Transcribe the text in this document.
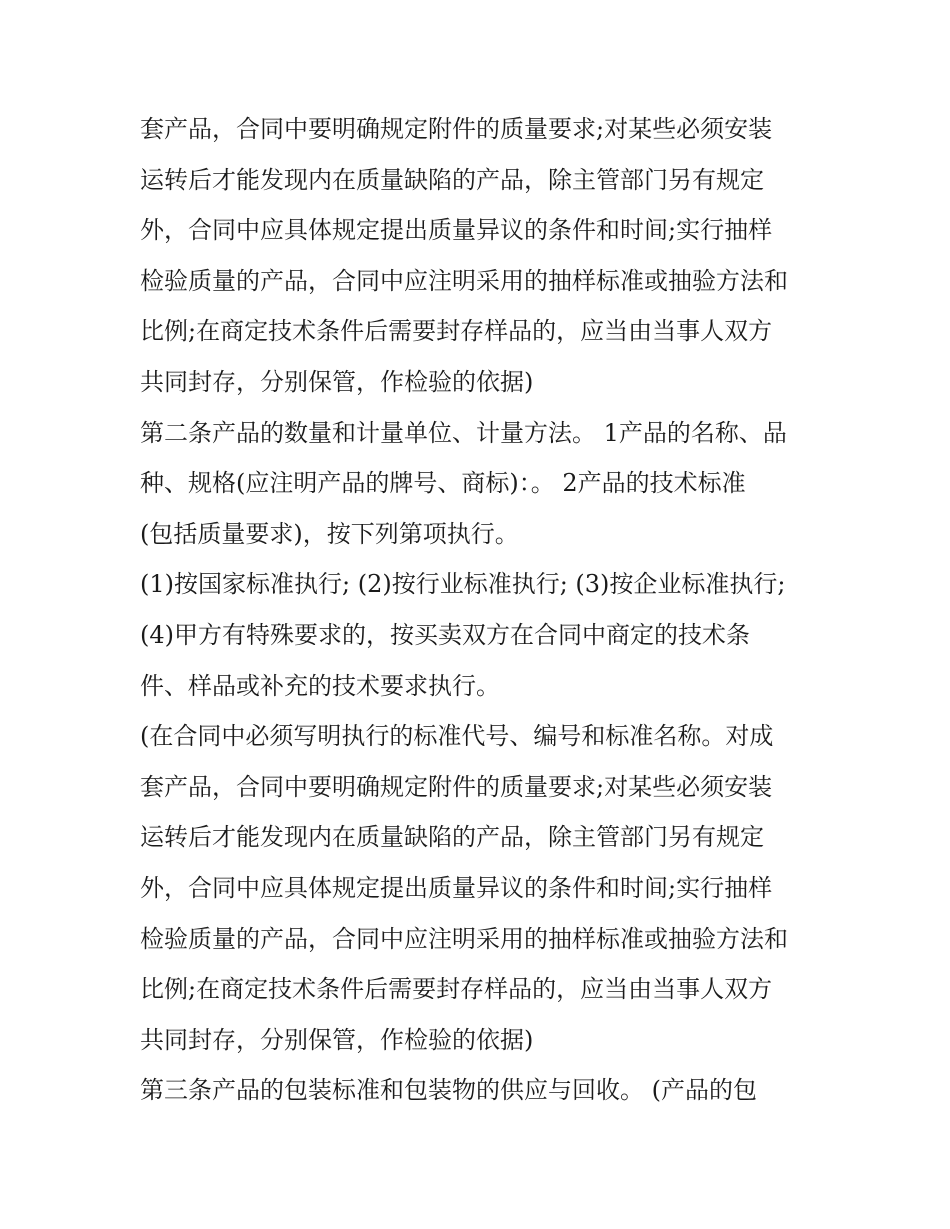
套产品，合同中要明确规定附件的质量要求;对某些必须安装
运转后才能发现内在质量缺陷的产品，除主管部门另有规定
外，合同中应具体规定提出质量异议的条件和时间;实行抽样
检验质量的产品，合同中应注明采用的抽样标准或抽验方法和
比例;在商定技术条件后需要封存样品的，应当由当事人双方
共同封存，分别保管，作检验的依据)
第二条产品的数量和计量单位、计量方法。 1产品的名称、品
种、规格(应注明产品的牌号、商标)：。 2产品的技术标准
(包括质量要求)，按下列第项执行。
(1)按国家标准执行; (2)按行业标准执行; (3)按企业标准执行;
(4)甲方有特殊要求的，按买卖双方在合同中商定的技术条
件、样品或补充的技术要求执行。
(在合同中必须写明执行的标准代号、编号和标准名称。对成
套产品，合同中要明确规定附件的质量要求;对某些必须安装
运转后才能发现内在质量缺陷的产品，除主管部门另有规定
外，合同中应具体规定提出质量异议的条件和时间;实行抽样
检验质量的产品，合同中应注明采用的抽样标准或抽验方法和
比例;在商定技术条件后需要封存样品的，应当由当事人双方
共同封存，分别保管，作检验的依据)
第三条产品的包装标准和包装物的供应与回收。 (产品的包
